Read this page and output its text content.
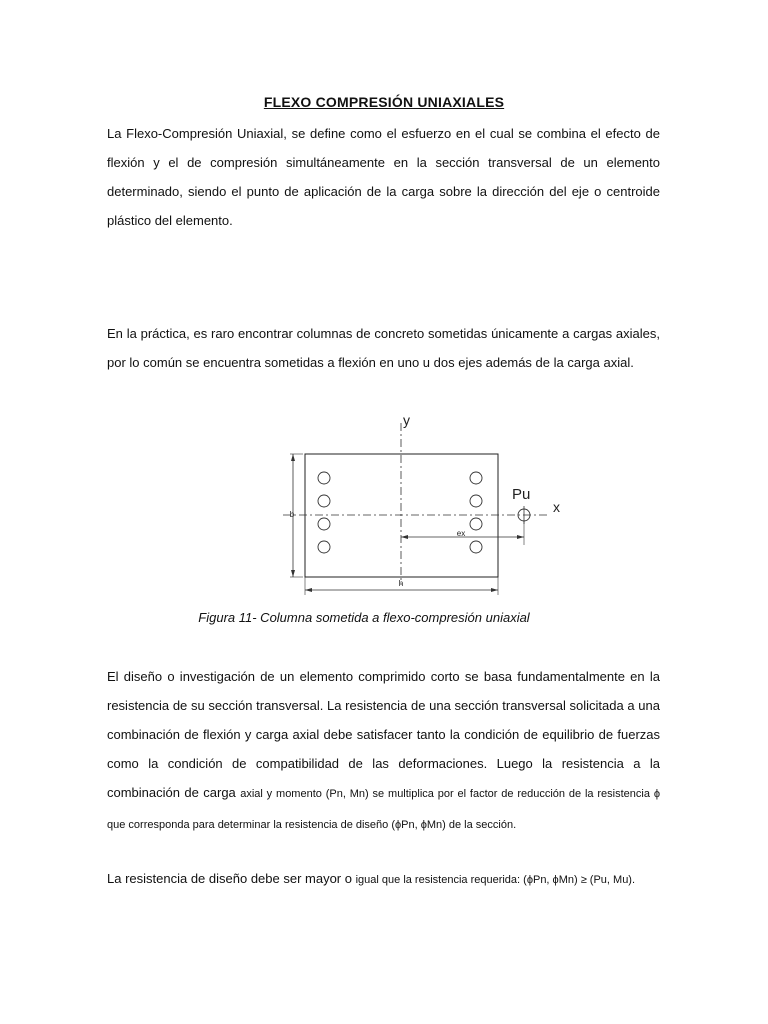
FLEXO COMPRESIÓN UNIAXIALES

La Flexo-Compresión Uniaxial, se define como el esfuerzo en el cual se combina el efecto de flexión y el de compresión simultáneamente en la sección transversal de un elemento determinado, siendo el punto de aplicación de la carga sobre la dirección del eje o centroide plástico del elemento.

En la práctica, es raro encontrar columnas de concreto sometidas únicamente a cargas axiales, por lo común se encuentra sometidas a flexión en uno u dos ejes además de la carga axial.

y
x
Pu
b
h
ex
Figura 11- Columna sometida a flexo-compresión uniaxial

El diseño o investigación de un elemento comprimido corto se basa fundamentalmente en la resistencia de su sección transversal. La resistencia de una sección transversal solicitada a una combinación de flexión y carga axial debe satisfacer tanto la condición de equilibrio de fuerzas como la condición de compatibilidad de las deformaciones. Luego la resistencia a la combinación de carga axial y momento (Pn, Mn) se multiplica por el factor de reducción de la resistencia ϕ que corresponda para determinar la resistencia de diseño (ϕPn, ϕMn) de la sección.

La resistencia de diseño debe ser mayor o igual que la resistencia requerida: (ϕPn, ϕMn) ≥ (Pu, Mu).
